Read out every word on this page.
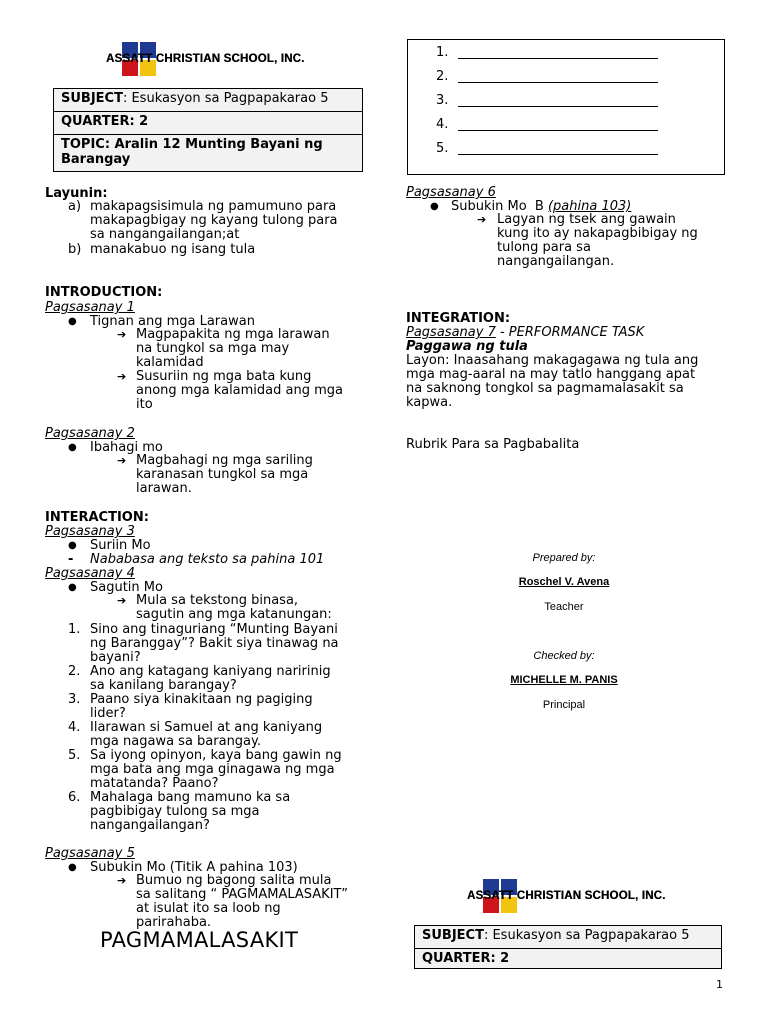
ASSATT CHRISTIAN SCHOOL, INC.
SUBJECT: Esukasyon sa Pagpapakarao 5
QUARTER: 2

TOPIC: Aralin 12 Munting Bayani ng
Barangay
Layunin:
a) makapagsisimula ng pamumuno para
makapagbigay ng kayang tulong para
sa nangangailangan;at
b) manakabuo ng isang tula
INTRODUCTION:
Pagsasanay 1
● Tignan ang mga Larawan
➔ Magpapakita ng mga larawan
na tungkol sa mga may
kalamidad
➔ Susuriin ng mga bata kung
anong mga kalamidad ang mga
ito
Pagsasanay 2
● Ibahagi mo
➔ Magbahagi ng mga sariling
karanasan tungkol sa mga
larawan.
INTERACTION:
Pagsasanay 3
● Suriin Mo
- Nababasa ang teksto sa pahina 101
Pagsasanay 4
● Sagutin Mo
➔ Mula sa tekstong binasa,
sagutin ang mga katanungan:
1. Sino ang tinaguriang “Munting Bayani
ng Baranggay”? Bakit siya tinawag na
bayani?
2. Ano ang katagang kaniyang naririnig
sa kanilang barangay?
3. Paano siya kinakitaan ng pagiging
lider?
4. Ilarawan si Samuel at ang kaniyang
mga nagawa sa barangay.
5. Sa iyong opinyon, kaya bang gawin ng
mga bata ang mga ginagawa ng mga
matatanda? Paano?
6. Mahalaga bang mamuno ka sa
pagbibigay tulong sa mga
nangangailangan?
Pagsasanay 5
● Subukin Mo (Titik A pahina 103)
➔ Bumuo ng bagong salita mula
sa salitang “ PAGMAMALASAKIT”
at isulat ito sa loob ng
parirahaba.
PAGMAMALASAKIT
1.
2.
3.
4.
5.
Pagsasanay 6
● Subukin Mo  B (pahina 103)
➔ Lagyan ng tsek ang gawain
kung ito ay nakapagbibigay ng
tulong para sa
nangangailangan.
INTEGRATION:
Pagsasanay 7 - PERFORMANCE TASK
Paggawa ng tula
Layon: Inaasahang makagagawa ng tula ang
mga mag-aaral na may tatlo hanggang apat
na saknong tongkol sa pagmamalasakit sa
kapwa.
Rubrik Para sa Pagbabalita
Prepared by:
Roschel V. Avena
Teacher
Checked by:
MICHELLE M. PANIS
Principal
ASSATT CHRISTIAN SCHOOL, INC.
SUBJECT: Esukasyon sa Pagpapakarao 5
QUARTER: 2
1
